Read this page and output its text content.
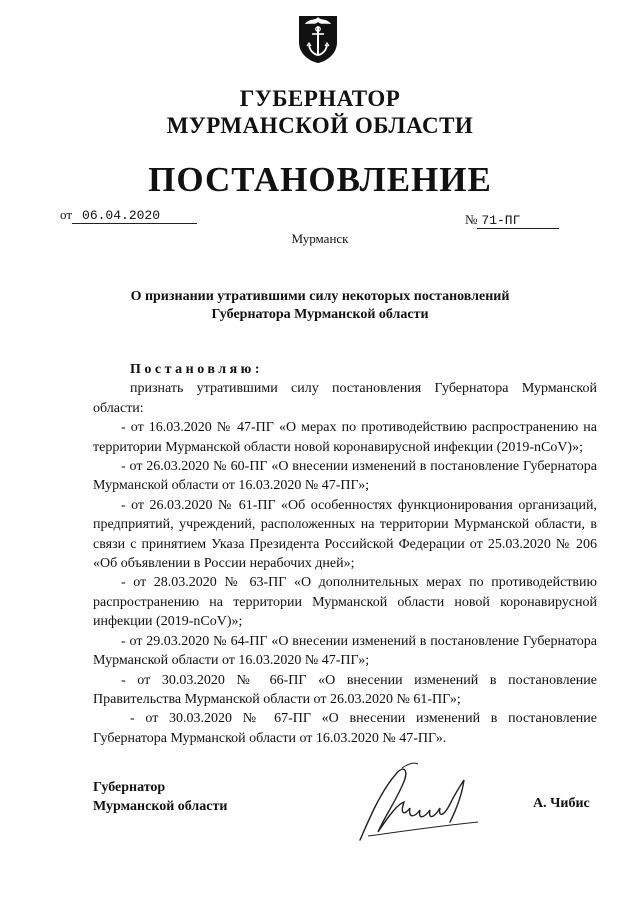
ГУБЕРНАТОР
МУРМАНСКОЙ ОБЛАСТИ
ПОСТАНОВЛЕНИЕ
от 06.04.2020	№ 71-ПГ
Мурманск
О признании утратившими силу некоторых постановлений
Губернатора Мурманской области

Постановляю:

признать утратившими силу постановления Губернатора Мурманской области:

- от 16.03.2020 № 47-ПГ «О мерах по противодействию распространению на территории Мурманской области новой коронавирусной инфекции (2019-nCoV)»;

- от 26.03.2020 № 60-ПГ «О внесении изменений в постановление Губернатора Мурманской области от 16.03.2020 № 47-ПГ»;

- от 26.03.2020 № 61-ПГ «Об особенностях функционирования организаций, предприятий, учреждений, расположенных на территории Мурманской области, в связи с принятием Указа Президента Российской Федерации от 25.03.2020 № 206 «Об объявлении в России нерабочих дней»;

- от 28.03.2020 № 63-ПГ «О дополнительных мерах по противодействию распространению на территории Мурманской области новой коронавирусной инфекции (2019-nCoV)»;

- от 29.03.2020 № 64-ПГ «О внесении изменений в постановление Губернатора Мурманской области от 16.03.2020 № 47-ПГ»;

- от 30.03.2020 № 66-ПГ «О внесении изменений в постановление Правительства Мурманской области от 26.03.2020 № 61-ПГ»;

- от 30.03.2020 № 67-ПГ «О внесении изменений в постановление Губернатора Мурманской области от 16.03.2020 № 47-ПГ».

Губернатор
Мурманской области	А. Чибис
